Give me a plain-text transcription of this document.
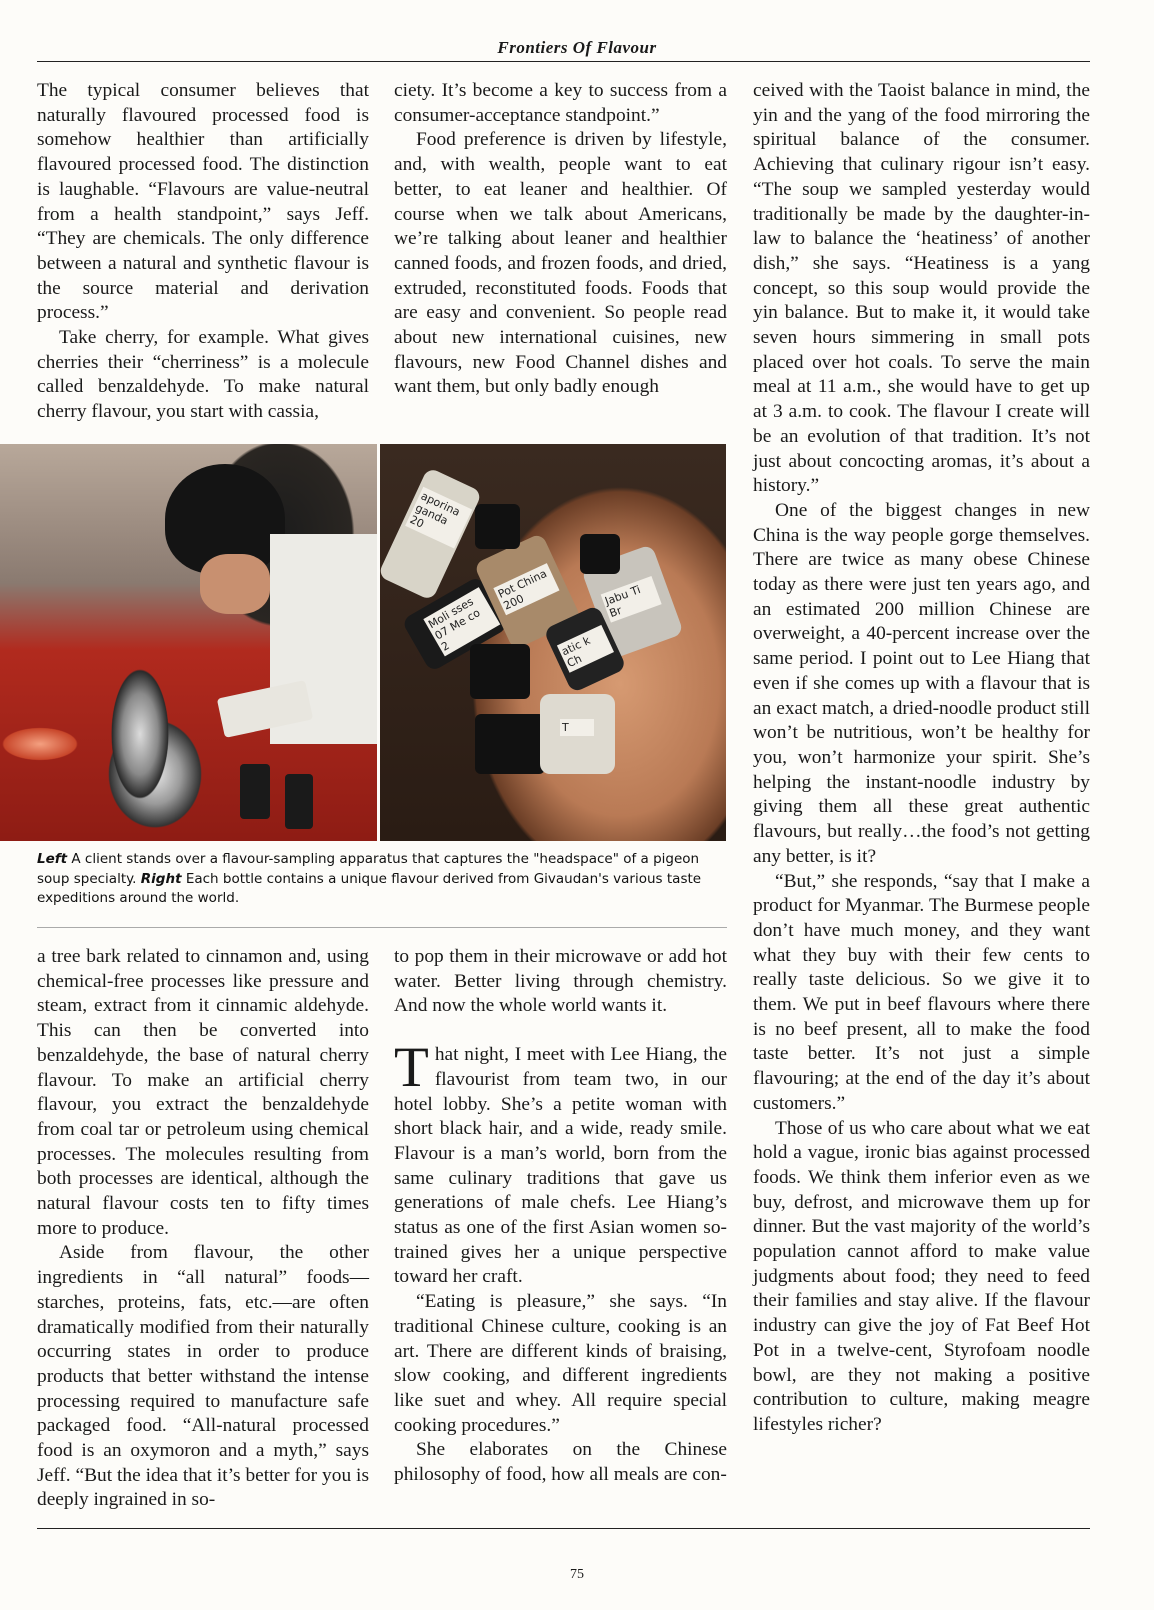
Frontiers Of Flavour

The typical consumer believes that naturally flavoured processed food is somehow healthier than artificially flavoured processed food. The distinction is laughable. “Flavours are value-neutral from a health standpoint,” says Jeff. “They are chemicals. The only difference between a natural and synthetic flavour is the source material and derivation process.”

Take cherry, for example. What gives cherries their “cherriness” is a molecule called benzaldehyde. To make natural cherry flavour, you start with cassia,

ciety. It’s become a key to success from a consumer-acceptance standpoint.”

Food preference is driven by lifestyle, and, with wealth, people want to eat better, to eat leaner and healthier. Of course when we talk about Americans, we’re talking about leaner and healthier canned foods, and frozen foods, and dried, extruded, reconstituted foods. Foods that are easy and convenient. So people read about new international cuisines, new flavours, new Food Channel dishes and want them, but only badly enough

aporina ganda 20
Moli sses 07 Me co 2
Pot China 200	Jabu Ti Br
atic k Ch
T
Left A client stands over a flavour-sampling apparatus that captures the "headspace" of a pigeon soup specialty. Right Each bottle contains a unique flavour derived from Givaudan's various taste expeditions around the world.

a tree bark related to cinnamon and, using chemical-free processes like pressure and steam, extract from it cinnamic aldehyde. This can then be converted into benzaldehyde, the base of natural cherry flavour. To make an artificial cherry flavour, you extract the benzaldehyde from coal tar or petroleum using chemical processes. The molecules resulting from both processes are identical, although the natural flavour costs ten to fifty times more to produce.

Aside from flavour, the other ingredients in “all natural” foods—starches, proteins, fats, etc.—are often dramatically modified from their naturally occurring states in order to produce products that better withstand the intense processing required to manufacture safe packaged food. “All-natural processed food is an oxymoron and a myth,” says Jeff. “But the idea that it’s better for you is deeply ingrained in so-

to pop them in their microwave or add hot water. Better living through chemistry. And now the whole world wants it.

That night, I meet with Lee Hiang, the flavourist from team two, in our hotel lobby. She’s a petite woman with short black hair, and a wide, ready smile. Flavour is a man’s world, born from the same culinary traditions that gave us generations of male chefs. Lee Hiang’s status as one of the first Asian women so-trained gives her a unique perspective toward her craft.

“Eating is pleasure,” she says. “In traditional Chinese culture, cooking is an art. There are different kinds of braising, slow cooking, and different ingredients like suet and whey. All require special cooking procedures.”

She elaborates on the Chinese philosophy of food, how all meals are con-

ceived with the Taoist balance in mind, the yin and the yang of the food mirroring the spiritual balance of the consumer. Achieving that culinary rigour isn’t easy. “The soup we sampled yesterday would traditionally be made by the daughter-in-law to balance the ‘heatiness’ of another dish,” she says. “Heatiness is a yang concept, so this soup would provide the yin balance. But to make it, it would take seven hours simmering in small pots placed over hot coals. To serve the main meal at 11 a.m., she would have to get up at 3 a.m. to cook. The flavour I create will be an evolution of that tradition. It’s not just about concocting aromas, it’s about a history.”

One of the biggest changes in new China is the way people gorge themselves. There are twice as many obese Chinese today as there were just ten years ago, and an estimated 200 million Chinese are overweight, a 40-percent increase over the same period. I point out to Lee Hiang that even if she comes up with a flavour that is an exact match, a dried-noodle product still won’t be nutritious, won’t be healthy for you, won’t harmonize your spirit. She’s helping the instant-noodle industry by giving them all these great authentic flavours, but really…the food’s not getting any better, is it?

“But,” she responds, “say that I make a product for Myanmar. The Burmese people don’t have much money, and they want what they buy with their few cents to really taste delicious. So we give it to them. We put in beef flavours where there is no beef present, all to make the food taste better. It’s not just a simple flavouring; at the end of the day it’s about customers.”

Those of us who care about what we eat hold a vague, ironic bias against processed foods. We think them inferior even as we buy, defrost, and microwave them up for dinner. But the vast majority of the world’s population cannot afford to make value judgments about food; they need to feed their families and stay alive. If the flavour industry can give the joy of Fat Beef Hot Pot in a twelve-cent, Styrofoam noodle bowl, are they not making a positive contribution to culture, making meagre lifestyles richer?

75
